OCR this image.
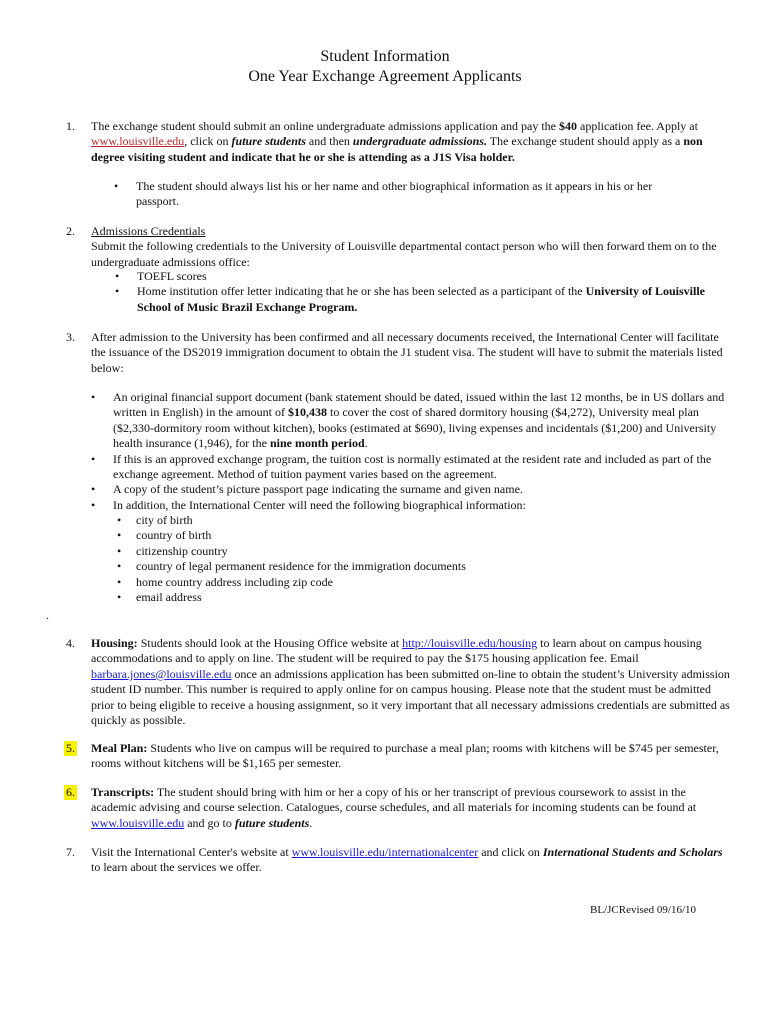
Student Information
One Year Exchange Agreement Applicants
1. The exchange student should submit an online undergraduate admissions application and pay the $40 application fee. Apply at www.louisville.edu, click on future students and then undergraduate admissions. The exchange student should apply as a non degree visiting student and indicate that he or she is attending as a J1S Visa holder.
• The student should always list his or her name and other biographical information as it appears in his or her passport.
2. Admissions Credentials
Submit the following credentials to the University of Louisville departmental contact person who will then forward them on to the undergraduate admissions office:
• TOEFL scores
• Home institution offer letter indicating that he or she has been selected as a participant of the University of Louisville School of Music Brazil Exchange Program.
3. After admission to the University has been confirmed and all necessary documents received, the International Center will facilitate the issuance of the DS2019 immigration document to obtain the J1 student visa. The student will have to submit the materials listed below:
• An original financial support document (bank statement should be dated, issued within the last 12 months, be in US dollars and written in English) in the amount of $10,438 to cover the cost of shared dormitory housing ($4,272), University meal plan ($2,330-dormitory room without kitchen), books (estimated at $690), living expenses and incidentals ($1,200) and University health insurance (1,946), for the nine month period.
• If this is an approved exchange program, the tuition cost is normally estimated at the resident rate and included as part of the exchange agreement. Method of tuition payment varies based on the agreement.
• A copy of the student’s picture passport page indicating the surname and given name.
• In addition, the International Center will need the following biographical information:
• city of birth
• country of birth
• citizenship country
• country of legal permanent residence for the immigration documents
• home country address including zip code
• email address
.
4. Housing: Students should look at the Housing Office website at http://louisville.edu/housing to learn about on campus housing accommodations and to apply on line. The student will be required to pay the $175 housing application fee. Email barbara.jones@louisville.edu once an admissions application has been submitted on-line to obtain the student’s University admission student ID number. This number is required to apply online for on campus housing. Please note that the student must be admitted prior to being eligible to receive a housing assignment, so it very important that all necessary admissions credentials are submitted as quickly as possible.
5. Meal Plan: Students who live on campus will be required to purchase a meal plan; rooms with kitchens will be $745 per semester, rooms without kitchens will be $1,165 per semester.
6. Transcripts: The student should bring with him or her a copy of his or her transcript of previous coursework to assist in the academic advising and course selection. Catalogues, course schedules, and all materials for incoming students can be found at www.louisville.edu and go to future students.
7. Visit the International Center's website at www.louisville.edu/internationalcenter and click on International Students and Scholars to learn about the services we offer.
BL/JCRevised 09/16/10
